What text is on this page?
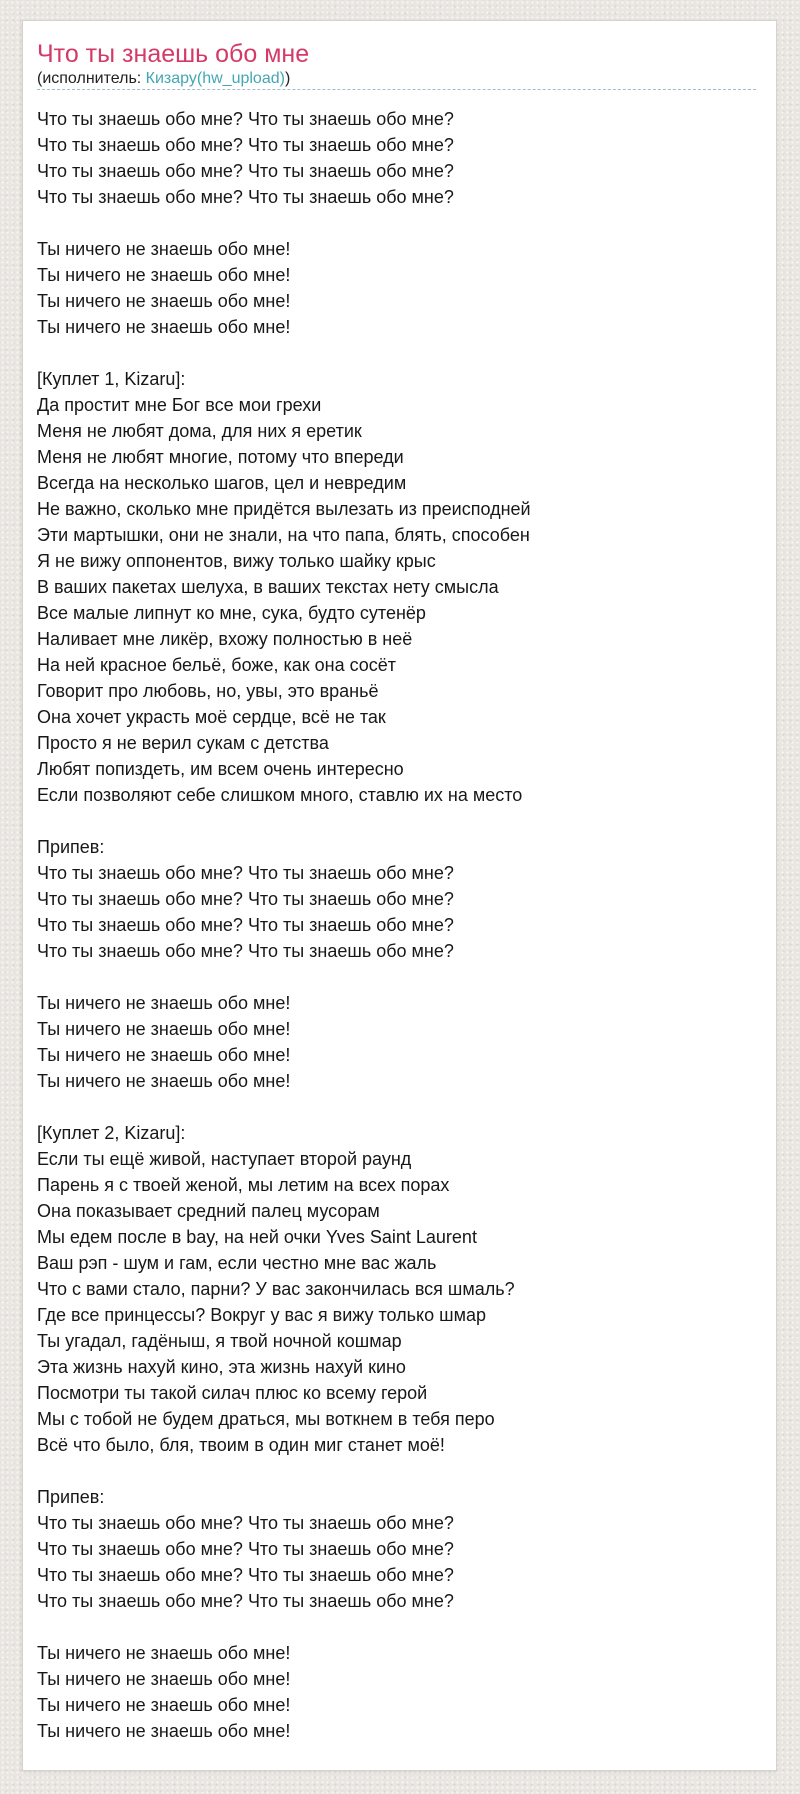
Что ты знаешь обо мне
(исполнитель: Кизару(hw_upload))
Что ты знаешь обо мне? Что ты знаешь обо мне?
Что ты знаешь обо мне? Что ты знаешь обо мне?
Что ты знаешь обо мне? Что ты знаешь обо мне?
Что ты знаешь обо мне? Что ты знаешь обо мне?
Ты ничего не знаешь обо мне!
Ты ничего не знаешь обо мне!
Ты ничего не знаешь обо мне!
Ты ничего не знаешь обо мне!
[Куплет 1, Kizaru]:
Да простит мне Бог все мои грехи
Меня не любят дома, для них я еретик
Меня не любят многие, потому что впереди
Всегда на несколько шагов, цел и невредим
Не важно, сколько мне придётся вылезать из преисподней
Эти мартышки, они не знали, на что папа, блять, способен
Я не вижу оппонентов, вижу только шайку крыс
В ваших пакетах шелуха, в ваших текстах нету смысла
Все малые липнут ко мне, сука, будто сутенёр
Наливает мне ликёр, вхожу полностью в неё
На ней красное бельё, боже, как она сосёт
Говорит про любовь, но, увы, это враньё
Она хочет украсть моё сердце, всё не так
Просто я не верил сукам с детства
Любят попиздеть, им всем очень интересно
Если позволяют себе слишком много, ставлю их на место
Припев:
Что ты знаешь обо мне? Что ты знаешь обо мне?
Что ты знаешь обо мне? Что ты знаешь обо мне?
Что ты знаешь обо мне? Что ты знаешь обо мне?
Что ты знаешь обо мне? Что ты знаешь обо мне?
Ты ничего не знаешь обо мне!
Ты ничего не знаешь обо мне!
Ты ничего не знаешь обо мне!
Ты ничего не знаешь обо мне!
[Куплет 2, Kizaru]:
Если ты ещё живой, наступает второй раунд
Парень я с твоей женой, мы летим на всех порах
Она показывает средний палец мусорам
Мы едем после в bay, на ней очки Yves Saint Laurent
Ваш рэп - шум и гам, если честно мне вас жаль
Что с вами стало, парни? У вас закончилась вся шмаль?
Где все принцессы? Вокруг у вас я вижу только шмар
Ты угадал, гадёныш, я твой ночной кошмар
Эта жизнь нахуй кино, эта жизнь нахуй кино
Посмотри ты такой силач плюс ко всему герой
Мы с тобой не будем драться, мы воткнем в тебя перо
Всё что было, бля, твоим в один миг станет моё!
Припев:
Что ты знаешь обо мне? Что ты знаешь обо мне?
Что ты знаешь обо мне? Что ты знаешь обо мне?
Что ты знаешь обо мне? Что ты знаешь обо мне?
Что ты знаешь обо мне? Что ты знаешь обо мне?
Ты ничего не знаешь обо мне!
Ты ничего не знаешь обо мне!
Ты ничего не знаешь обо мне!
Ты ничего не знаешь обо мне!
